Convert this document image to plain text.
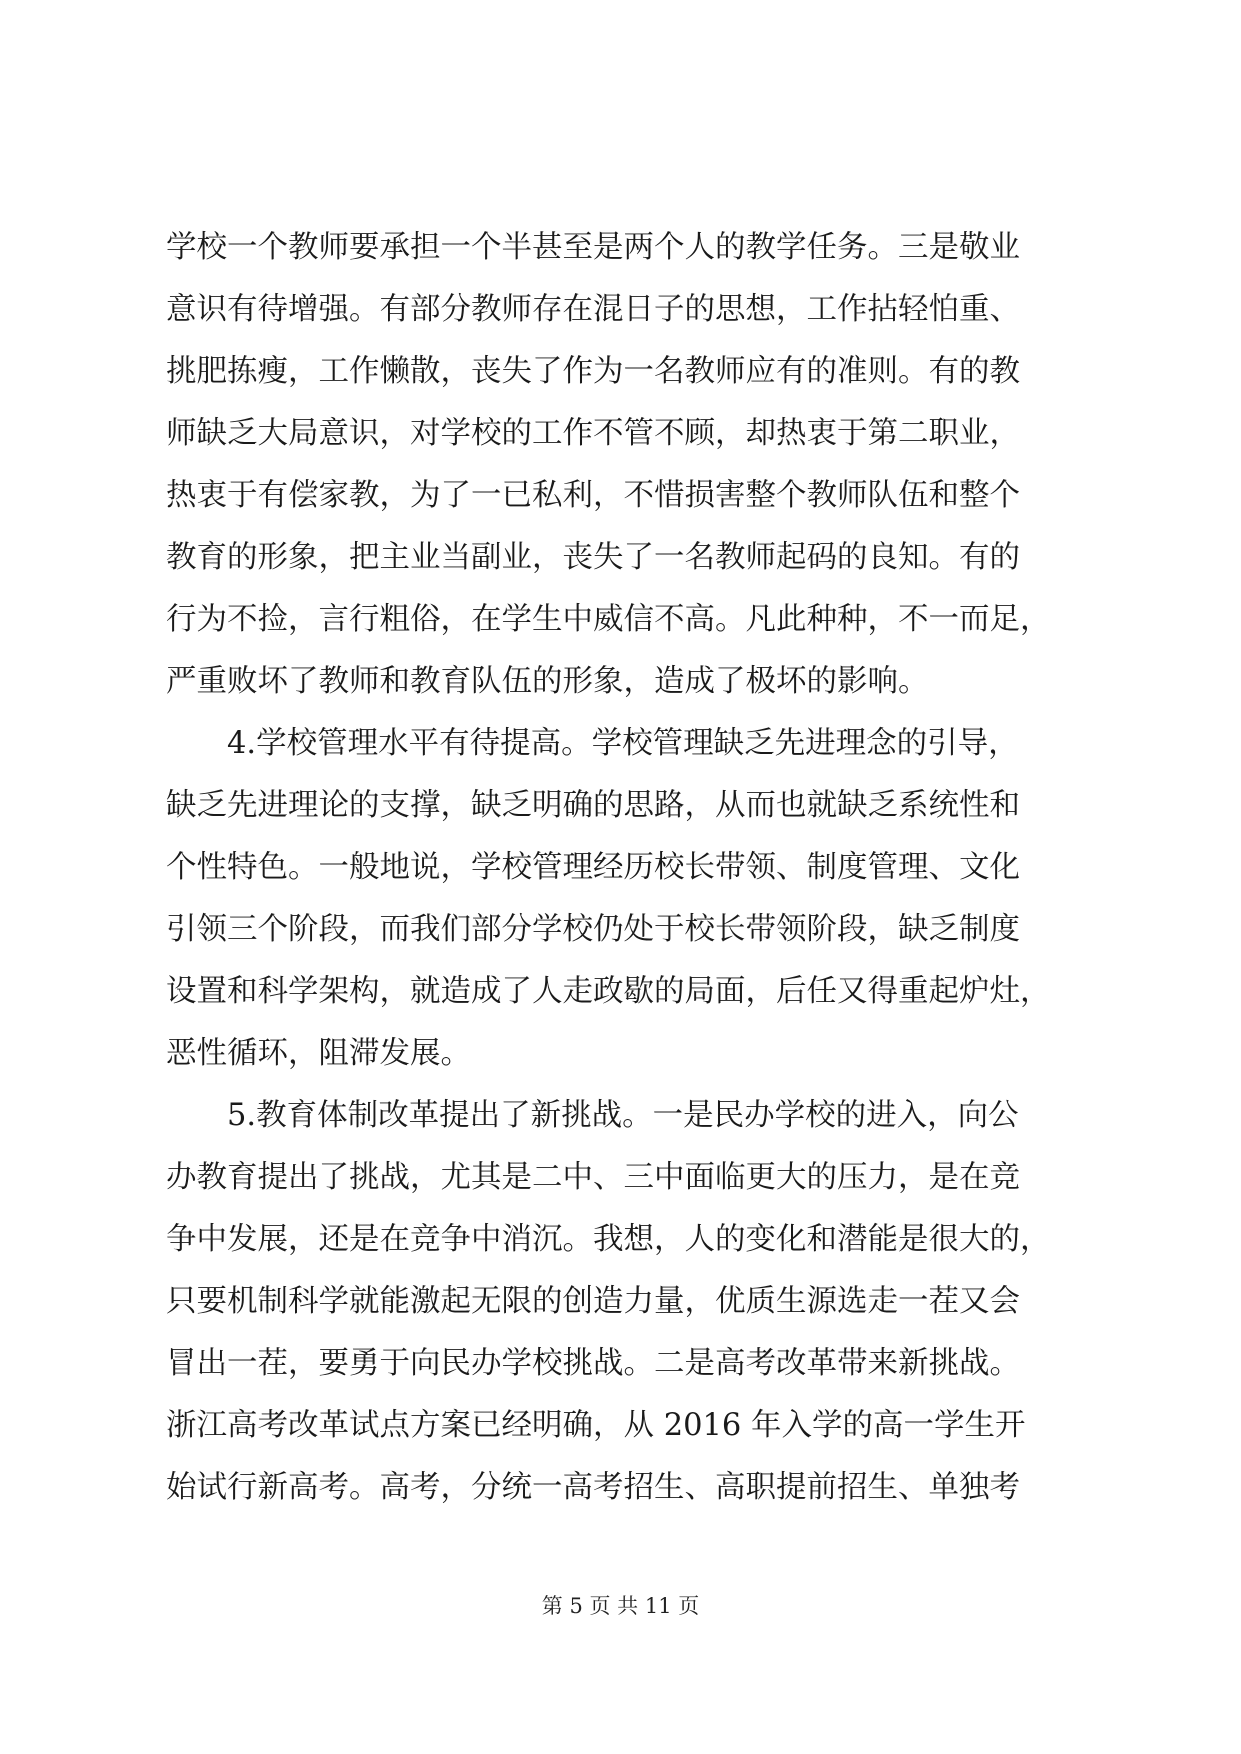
学校一个教师要承担一个半甚至是两个人的教学任务。三是敬业
意识有待增强。有部分教师存在混日子的思想，工作拈轻怕重、
挑肥拣瘦，工作懒散，丧失了作为一名教师应有的准则。有的教
师缺乏大局意识，对学校的工作不管不顾，却热衷于第二职业，
热衷于有偿家教，为了一已私利，不惜损害整个教师队伍和整个
教育的形象，把主业当副业，丧失了一名教师起码的良知。有的
行为不捡，言行粗俗，在学生中威信不高。凡此种种，不一而足，
严重败坏了教师和教育队伍的形象，造成了极坏的影响。
　　4.学校管理水平有待提高。学校管理缺乏先进理念的引导，
缺乏先进理论的支撑，缺乏明确的思路，从而也就缺乏系统性和
个性特色。一般地说，学校管理经历校长带领、制度管理、文化
引领三个阶段，而我们部分学校仍处于校长带领阶段，缺乏制度
设置和科学架构，就造成了人走政歇的局面，后任又得重起炉灶，
恶性循环，阻滞发展。
　　5.教育体制改革提出了新挑战。一是民办学校的进入，向公
办教育提出了挑战，尤其是二中、三中面临更大的压力，是在竞
争中发展，还是在竞争中消沉。我想，人的变化和潜能是很大的，
只要机制科学就能激起无限的创造力量，优质生源选走一茬又会
冒出一茬，要勇于向民办学校挑战。二是高考改革带来新挑战。
浙江高考改革试点方案已经明确，从 2016 年入学的高一学生开
始试行新高考。高考，分统一高考招生、高职提前招生、单独考
第 5 页 共 11 页
